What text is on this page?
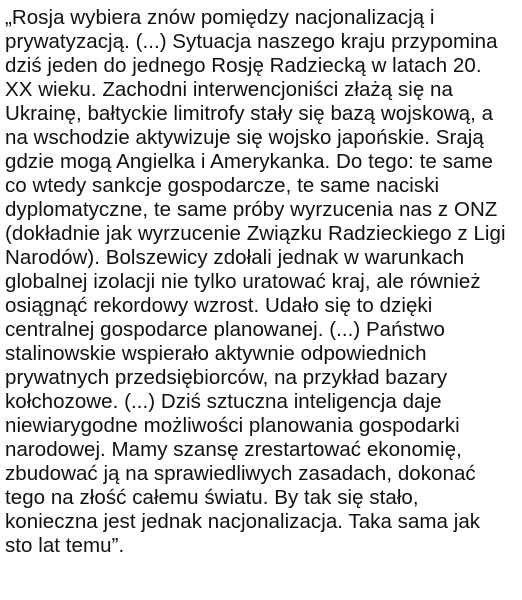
„Rosja wybiera znów pomiędzy nacjonalizacją i
prywatyzacją. (...) Sytuacja naszego kraju przypomina
dziś jeden do jednego Rosję Radziecką w latach 20.
XX wieku. Zachodni interwencjoniści złażą się na
Ukrainę, bałtyckie limitrofy stały się bazą wojskową, a
na wschodzie aktywizuje się wojsko japońskie. Srają
gdzie mogą Angielka i Amerykanka. Do tego: te same
co wtedy sankcje gospodarcze, te same naciski
dyplomatyczne, te same próby wyrzucenia nas z ONZ
(dokładnie jak wyrzucenie Związku Radzieckiego z Ligi
Narodów). Bolszewicy zdołali jednak w warunkach
globalnej izolacji nie tylko uratować kraj, ale również
osiągnąć rekordowy wzrost. Udało się to dzięki
centralnej gospodarce planowanej. (...) Państwo
stalinowskie wspierało aktywnie odpowiednich
prywatnych przedsiębiorców, na przykład bazary
kołchozowe. (...) Dziś sztuczna inteligencja daje
niewiarygodne możliwości planowania gospodarki
narodowej. Mamy szansę zrestartować ekonomię,
zbudować ją na sprawiedliwych zasadach, dokonać
tego na złość całemu światu. By tak się stało,
konieczna jest jednak nacjonalizacja. Taka sama jak
sto lat temu”.
